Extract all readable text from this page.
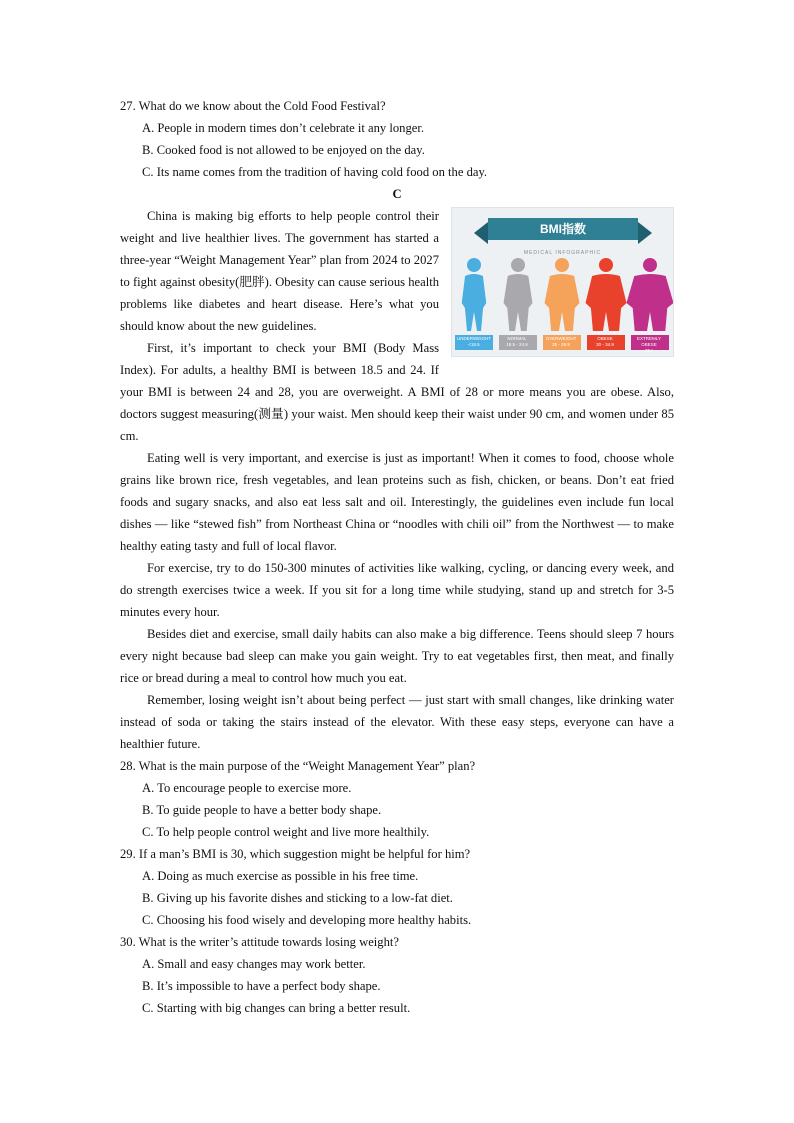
27. What do we know about the Cold Food Festival?

A. People in modern times don’t celebrate it any longer.

B. Cooked food is not allowed to be enjoyed on the day.

C. Its name comes from the tradition of having cold food on the day.

C

BMI指数
MEDICAL INFOGRAPHIC
UNDERWEIGHT
<18.5
NORMAL
18.5 - 24.9
OVERWEIGHT
25 - 29.9
OBESE
30 - 34.9
EXTREMLY OBESE
35<

China is making big efforts to help people control their weight and live healthier lives. The government has started a three-year “Weight Management Year” plan from 2024 to 2027 to fight against obesity(肥胖). Obesity can cause serious health problems like diabetes and heart disease. Here’s what you should know about the new guidelines.

First, it’s important to check your BMI (Body Mass Index). For adults, a healthy BMI is between 18.5 and 24. If your BMI is between 24 and 28, you are overweight. A BMI of 28 or more means you are obese. Also, doctors suggest measuring(测量) your waist. Men should keep their waist under 90 cm, and women under 85 cm.

Eating well is very important, and exercise is just as important! When it comes to food, choose whole grains like brown rice, fresh vegetables, and lean proteins such as fish, chicken, or beans. Don’t eat fried foods and sugary snacks, and also eat less salt and oil. Interestingly, the guidelines even include fun local dishes — like “stewed fish” from Northeast China or “noodles with chili oil” from the Northwest — to make healthy eating tasty and full of local flavor.

For exercise, try to do 150-300 minutes of activities like walking, cycling, or dancing every week, and do strength exercises twice a week. If you sit for a long time while studying, stand up and stretch for 3-5 minutes every hour.

Besides diet and exercise, small daily habits can also make a big difference. Teens should sleep 7 hours every night because bad sleep can make you gain weight. Try to eat vegetables first, then meat, and finally rice or bread during a meal to control how much you eat.

Remember, losing weight isn’t about being perfect — just start with small changes, like drinking water instead of soda or taking the stairs instead of the elevator. With these easy steps, everyone can have a healthier future.

28. What is the main purpose of the “Weight Management Year” plan?

A. To encourage people to exercise more.

B. To guide people to have a better body shape.

C. To help people control weight and live more healthily.

29. If a man’s BMI is 30, which suggestion might be helpful for him?

A. Doing as much exercise as possible in his free time.

B. Giving up his favorite dishes and sticking to a low-fat diet.

C. Choosing his food wisely and developing more healthy habits.

30. What is the writer’s attitude towards losing weight?

A. Small and easy changes may work better.

B. It’s impossible to have a perfect body shape.

C. Starting with big changes can bring a better result.
